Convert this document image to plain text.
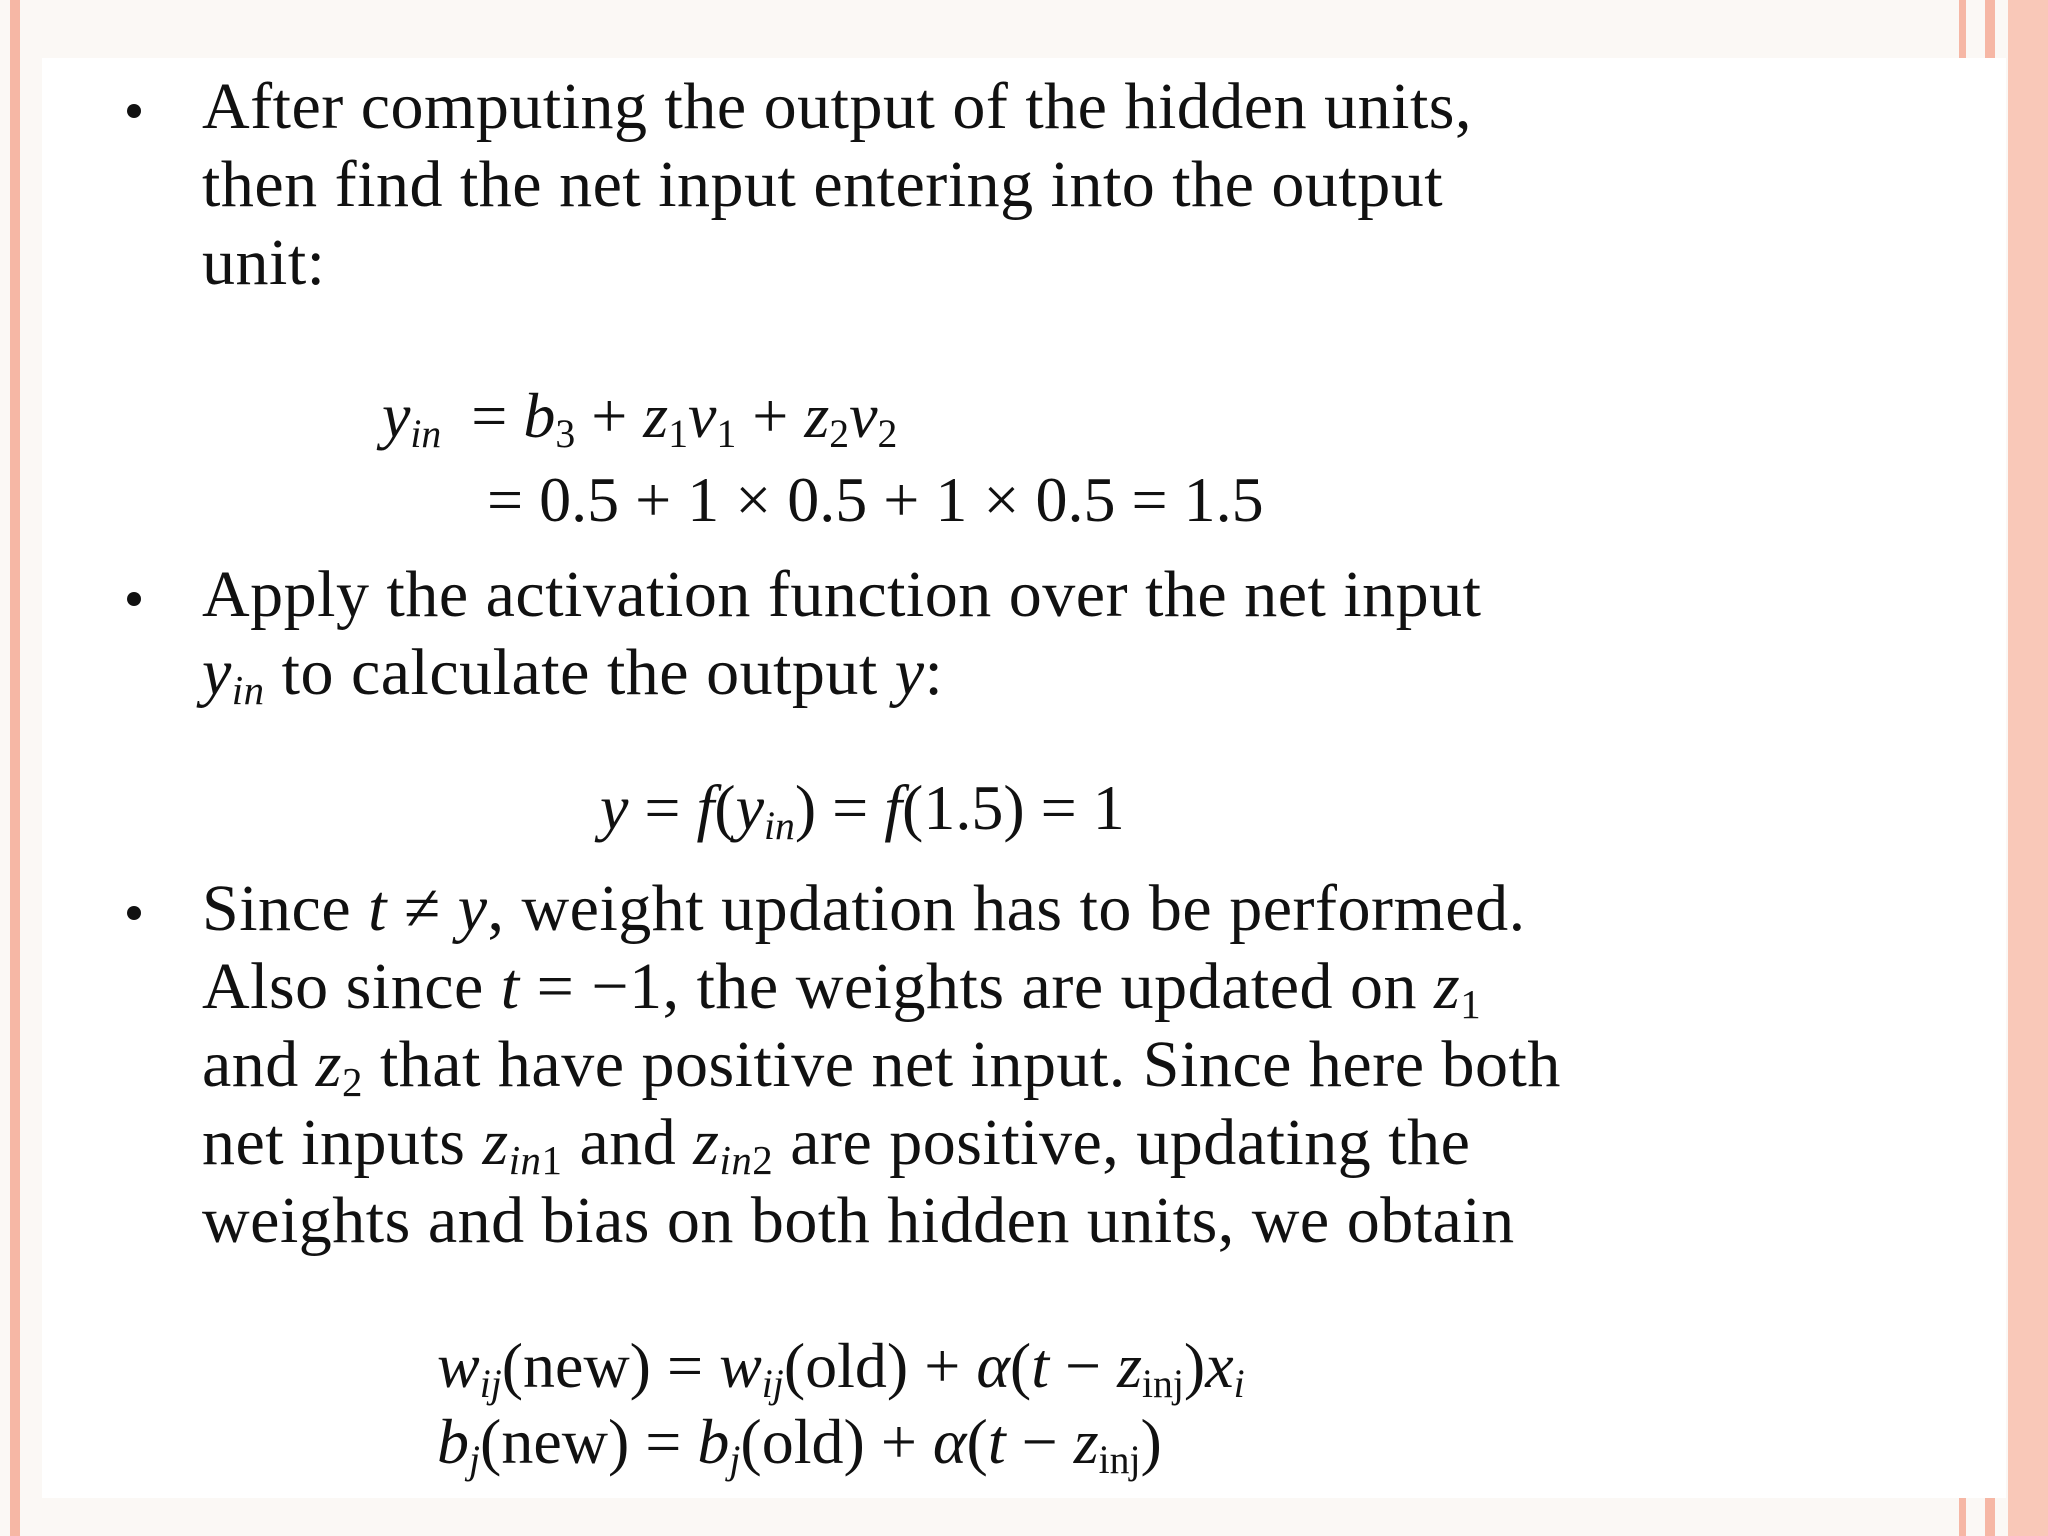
After computing the output of the hidden units,
then find the net input entering into the output
unit:
$y_{in} = b_3 + z_1v_1 + z_2v_2$
= 0.5 + 1 × 0.5 + 1 × 0.5 = 1.5
Apply the activation function over the net input
$y_{in}$ to calculate the output y:
$y = f(y_{in}) = f(1.5) = 1$
Since t ≠ y, weight updation has to be performed.
Also since t = −1, the weights are updated on $z_1$
and $z_2$ that have positive net input. Since here both
net inputs $z_{in1}$ and $z_{in2}$ are positive, updating the
weights and bias on both hidden units, we obtain
$w_{ij}(new) = w_{ij}(old) + \alpha(t - z_{inj})x_i$
$b_j(new) = b_j(old) + \alpha(t - z_{inj})$
